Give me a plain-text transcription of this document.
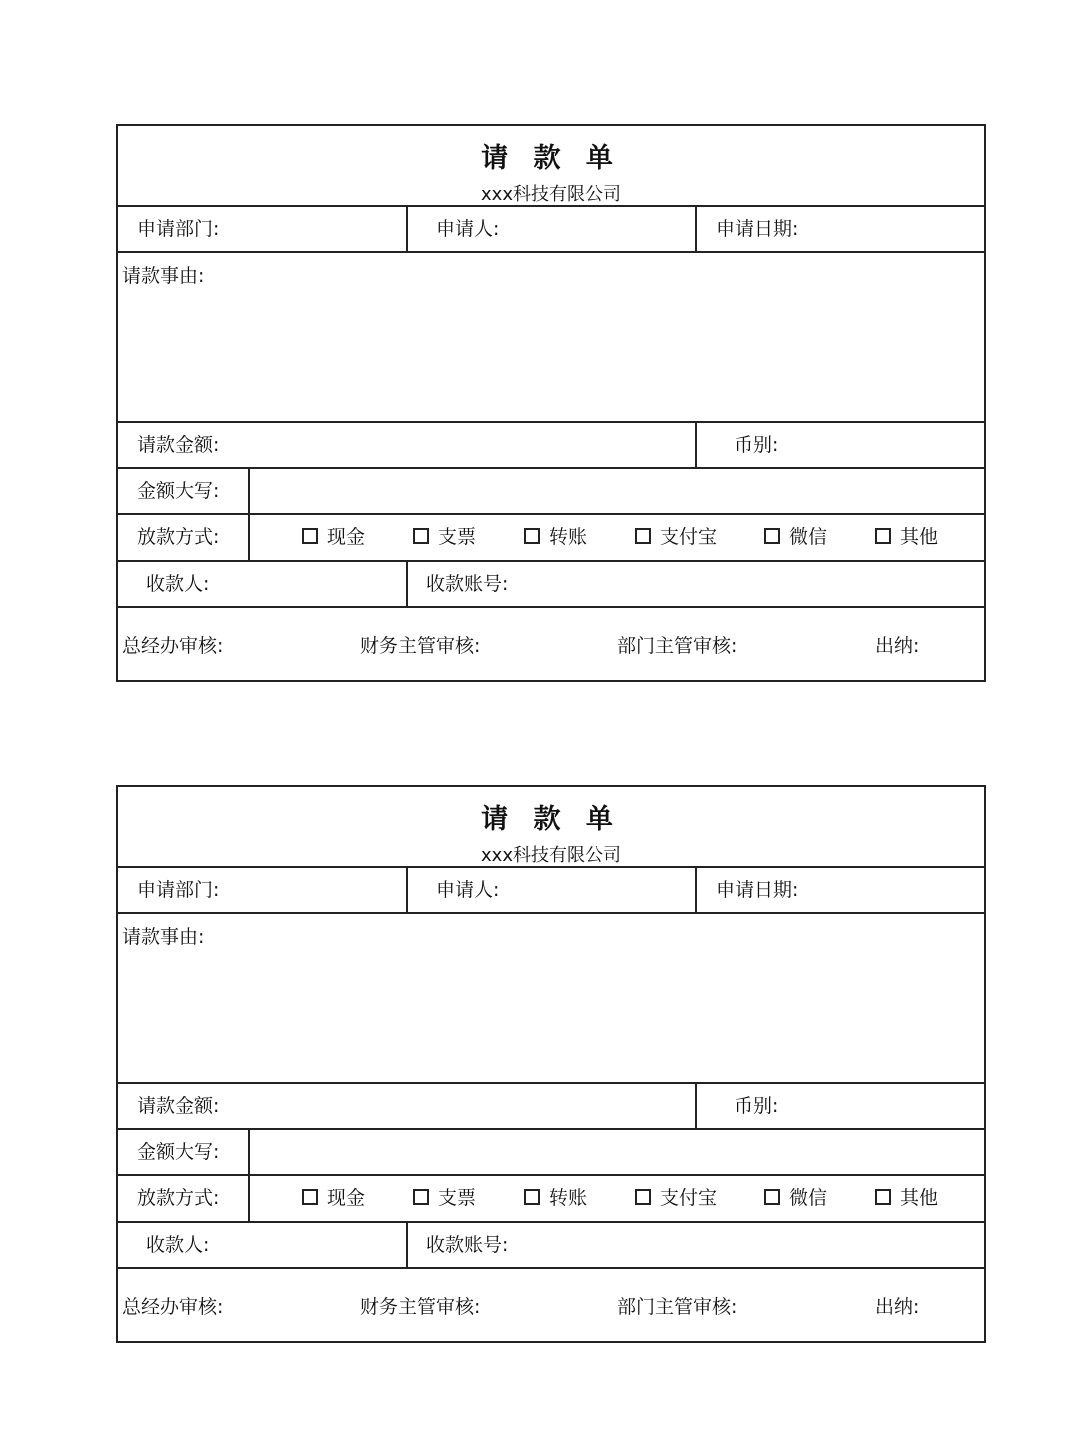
请 款 单
xxx科技有限公司
申请部门:	申请人:	申请日期:
请款事由:
请款金额:	币别:
金额大写:
放款方式:	现金	支票	转账	支付宝	微信	其他
收款人:	收款账号:
总经办审核:	财务主管审核:	部门主管审核:	出纳:
请 款 单
xxx科技有限公司
申请部门:	申请人:	申请日期:
请款事由:
请款金额:	币别:
金额大写:
放款方式:	现金	支票	转账	支付宝	微信	其他
收款人:	收款账号:
总经办审核:	财务主管审核:	部门主管审核:	出纳:
